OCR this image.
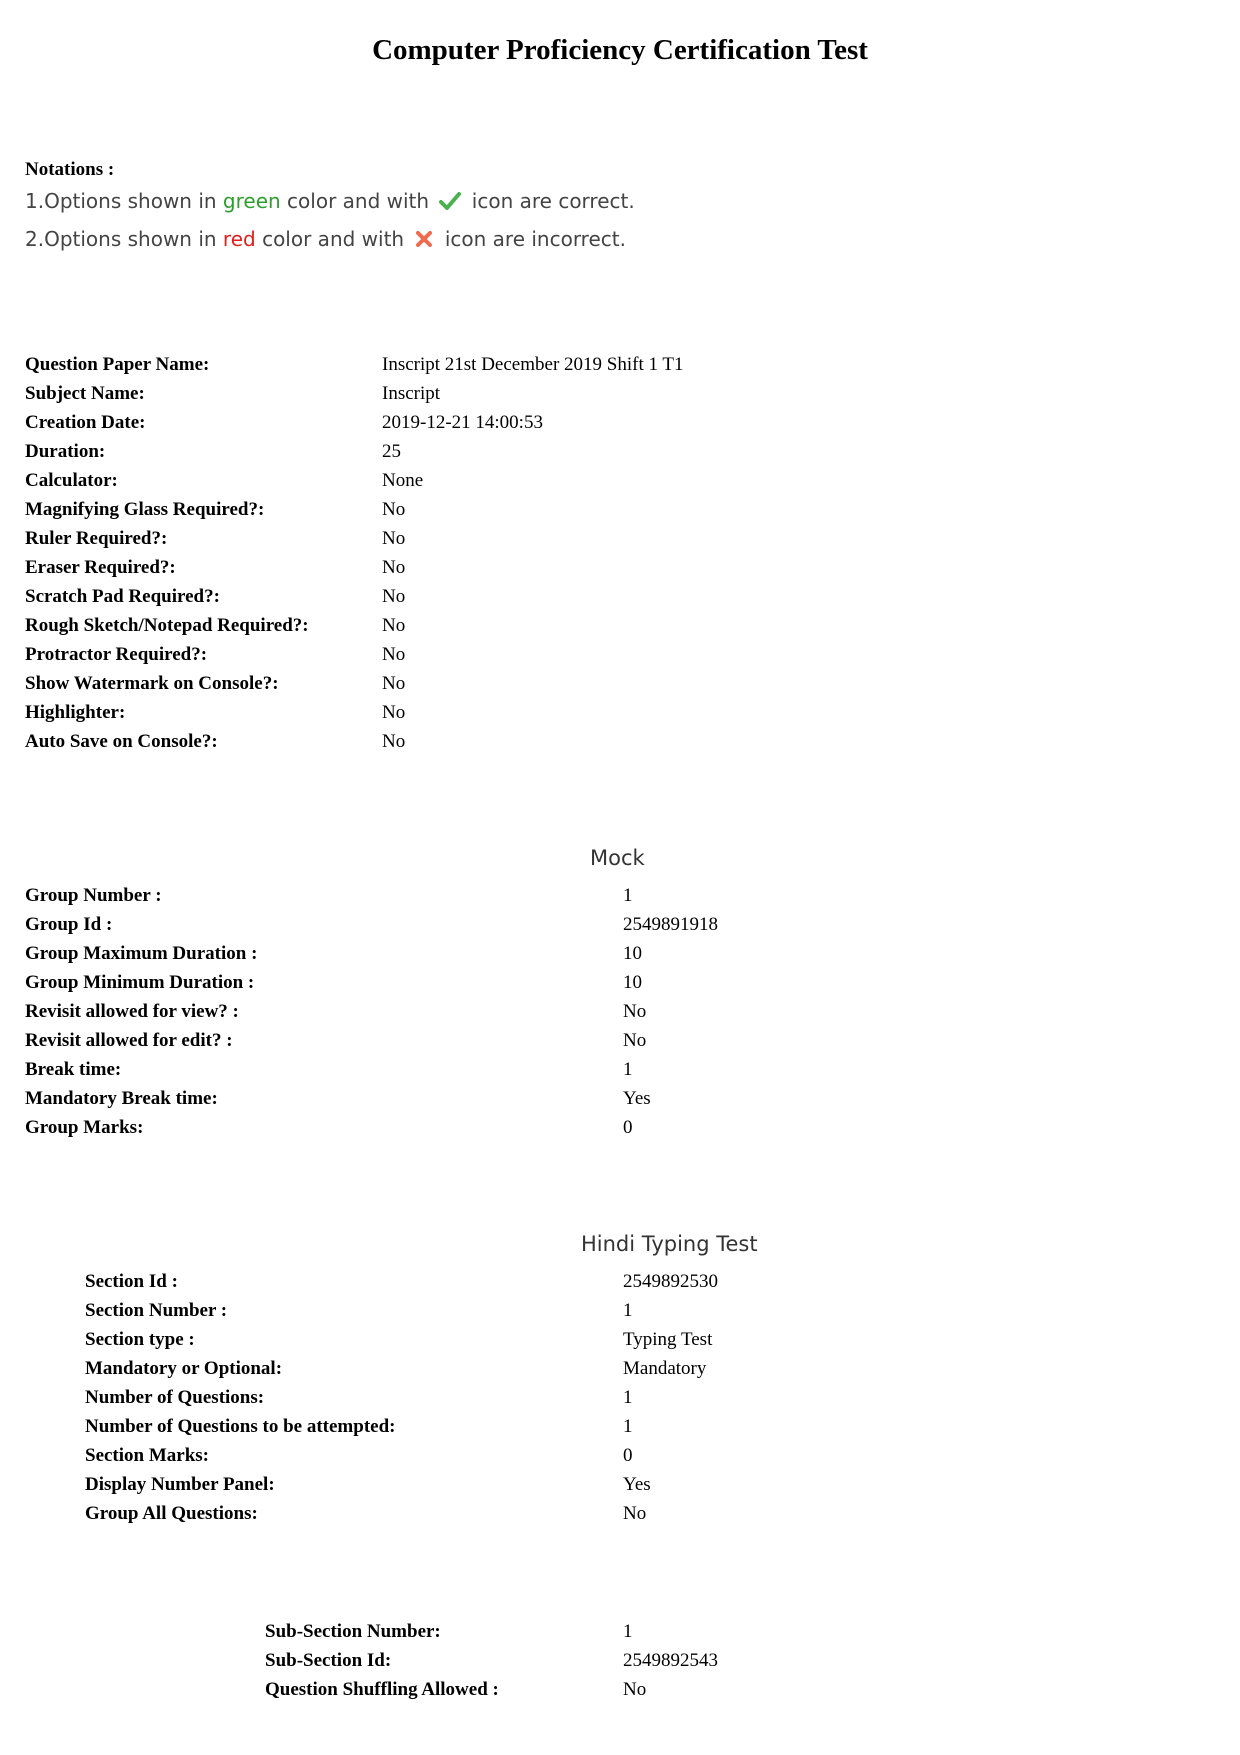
Computer Proficiency Certification Test
Notations :
1.Options shown in green color and with  icon are correct.
2.Options shown in red color and with  icon are incorrect.
Question Paper Name:	Inscript 21st December 2019 Shift 1 T1
Subject Name:	Inscript
Creation Date:	2019-12-21 14:00:53
Duration:	25
Calculator:	None
Magnifying Glass Required?:	No
Ruler Required?:	No
Eraser Required?:	No
Scratch Pad Required?:	No
Rough Sketch/Notepad Required?:	No
Protractor Required?:	No
Show Watermark on Console?:	No
Highlighter:	No
Auto Save on Console?:	No
Mock
Group Number :	1
Group Id :	2549891918
Group Maximum Duration :	10
Group Minimum Duration :	10
Revisit allowed for view? :	No
Revisit allowed for edit? :	No
Break time:	1
Mandatory Break time:	Yes
Group Marks:	0
Hindi Typing Test
Section Id :	2549892530
Section Number :	1
Section type :	Typing Test
Mandatory or Optional:	Mandatory
Number of Questions:	1
Number of Questions to be attempted:	1
Section Marks:	0
Display Number Panel:	Yes
Group All Questions:	No
Sub-Section Number:	1
Sub-Section Id:	2549892543
Question Shuffling Allowed :	No
